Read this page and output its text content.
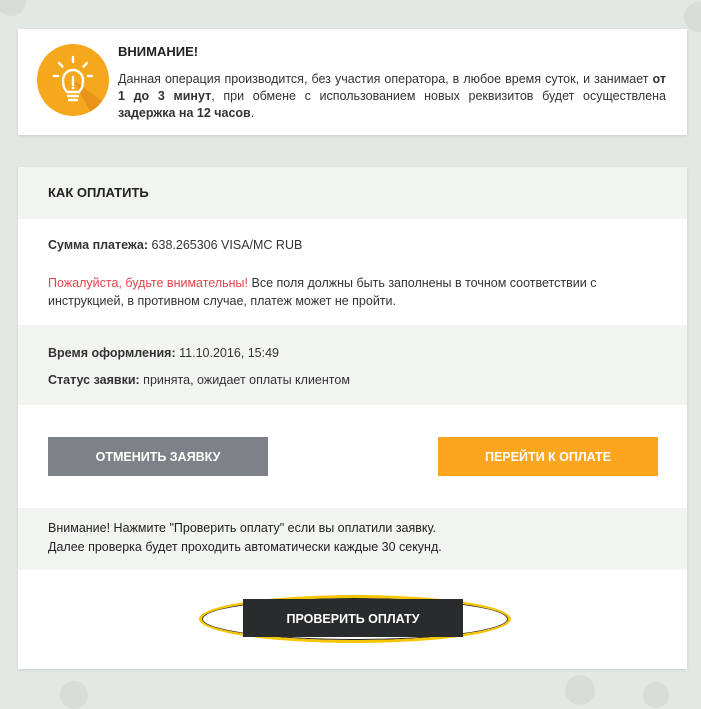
ВНИМАНИЕ!
Данная операция производится, без участия оператора, в любое время суток, и занимает от 1 до 3 минут, при обмене с использованием новых реквизитов будет осуществлена задержка на 12 часов.
КАК ОПЛАТИТЬ
Сумма платежа: 638.265306 VISA/MC RUB
Пожалуйста, будьте внимательны! Все поля должны быть заполнены в точном соответствии с инструкцией, в противном случае, платеж может не пройти.
Время оформления: 11.10.2016, 15:49
Статус заявки: принята, ожидает оплаты клиентом
ОТМЕНИТЬ ЗАЯВКУ	ПЕРЕЙТИ К ОПЛАТЕ
Внимание! Нажмите "Проверить оплату" если вы оплатили заявку.
Далее проверка будет проходить автоматически каждые 30 секунд.
ПРОВЕРИТЬ ОПЛАТУ
